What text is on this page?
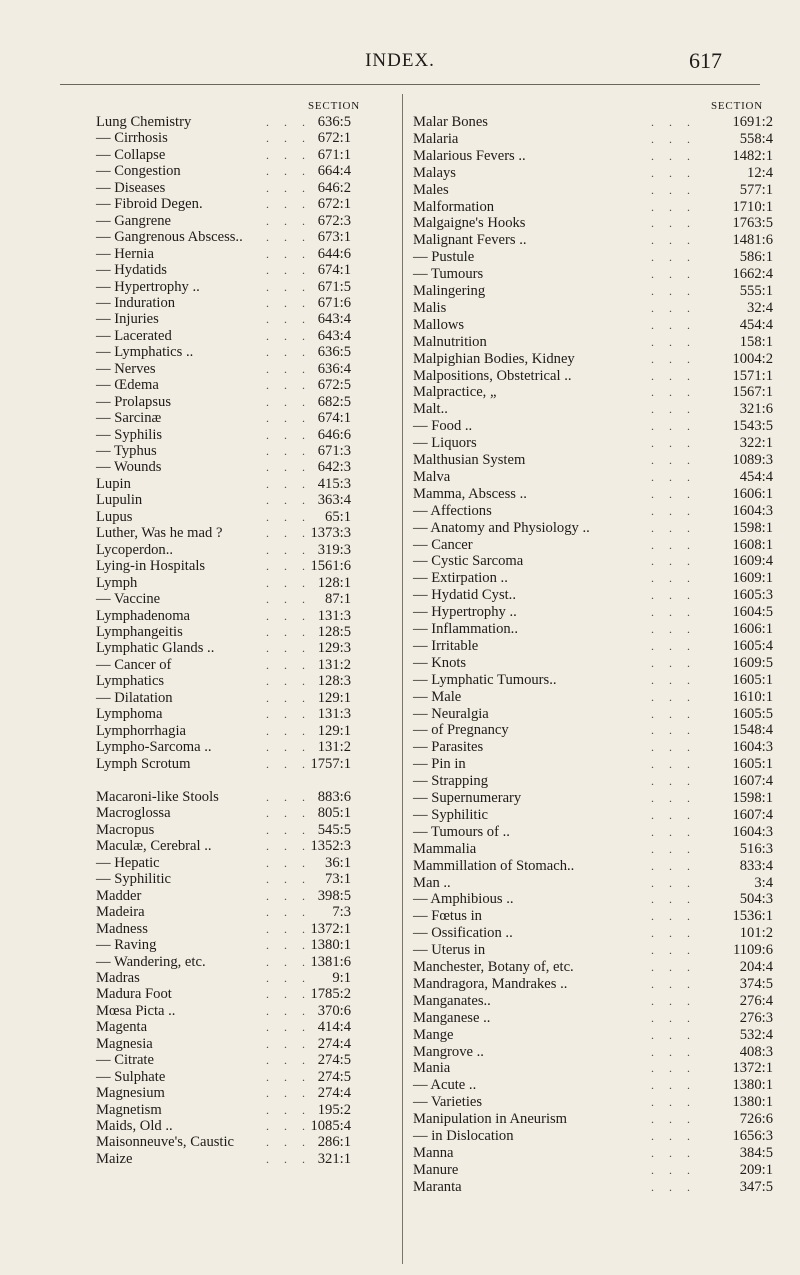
INDEX.	617
SECTION
Lung Chemistry	. . . 636:5
— Cirrhosis	. . . 672:1
— Collapse	. . . 671:1
— Congestion	. . . 664:4
— Diseases	. . . 646:2
— Fibroid Degen.	. . . 672:1
— Gangrene	. . . 672:3
— Gangrenous Abscess.. . . . 673:1
— Hernia	. . . 644:6
— Hydatids	. . . 674:1
— Hypertrophy ..	. . . 671:5
— Induration	. . . 671:6
— Injuries	. . . 643:4
— Lacerated	. . . 643:4
— Lymphatics ..	. . . 636:5
— Nerves	. . . 636:4
— Œdema	. . . 672:5
— Prolapsus	. . . 682:5
— Sarcinæ	. . . 674:1
— Syphilis	. . . 646:6
— Typhus	. . . 671:3
— Wounds	. . . 642:3
Lupin	. . . 415:3
Lupulin	. . . 363:4
Lupus	. . . 65:1
Luther, Was he mad ?	. . . 1373:3
Lycoperdon..	. . . 319:3
Lying-in Hospitals	. . . 1561:6
Lymph	. . . 128:1
— Vaccine	. . . 87:1
Lymphadenoma	. . . 131:3
Lymphangeitis	. . . 128:5
Lymphatic Glands ..	. . . 129:3
— Cancer of	. . . 131:2
Lymphatics	. . . 128:3
— Dilatation	. . . 129:1
Lymphoma	. . . 131:3
Lymphorrhagia	. . . 129:1
Lympho-Sarcoma ..	. . . 131:2
Lymph Scrotum	. . . 1757:1
Macaroni-like Stools	. . . 883:6
Macroglossa	. . . 805:1
Macropus	. . . 545:5
Maculæ, Cerebral ..	. . . 1352:3
— Hepatic	. . . 36:1
— Syphilitic	. . . 73:1
Madder	. . . 398:5
Madeira	. . . 7:3
Madness	. . . 1372:1
— Raving	. . . 1380:1
— Wandering, etc.	. . . 1381:6
Madras	. . . 9:1
Madura Foot	. . . 1785:2
Mœsa Picta ..	. . . 370:6
Magenta	. . . 414:4
Magnesia	. . . 274:4
— Citrate	. . . 274:5
— Sulphate	. . . 274:5
Magnesium	. . . 274:4
Magnetism	. . . 195:2
Maids, Old ..	. . . 1085:4
Maisonneuve's, Caustic	. . . 286:1
Maize	. . . 321:1
SECTION
Malar Bones	. . . 1691:2
Malaria	. . .	558:4
Malarious Fevers ..	. . . 1482:1
Malays	. . .	12:4
Males	. . .	577:1
Malformation	. . . 1710:1
Malgaigne's Hooks	. . . 1763:5
Malignant Fevers ..	. . . 1481:6
— Pustule	. . .	586:1
— Tumours	. . . 1662:4
Malingering	. . .	555:1
Malis	. . .	32:4
Mallows	. . .	454:4
Malnutrition	. . .	158:1
Malpighian Bodies, Kidney	. . . 1004:2
Malpositions, Obstetrical ..	. . . 1571:1
Malpractice, „	. . . 1567:1
Malt..	. . .	321:6
— Food ..	. . . 1543:5
— Liquors	. . .	322:1
Malthusian System	. . . 1089:3
Malva	. . .	454:4
Mamma, Abscess ..	. . . 1606:1
— Affections	. . . 1604:3
— Anatomy and Physiology ..	. . . 1598:1
— Cancer	. . . 1608:1
— Cystic Sarcoma	. . . 1609:4
— Extirpation ..	. . . 1609:1
— Hydatid Cyst..	. . . 1605:3
— Hypertrophy ..	. . . 1604:5
— Inflammation..	. . . 1606:1
— Irritable	. . . 1605:4
— Knots	. . . 1609:5
— Lymphatic Tumours..	. . . 1605:1
— Male	. . . 1610:1
— Neuralgia	. . . 1605:5
— of Pregnancy	. . . 1548:4
— Parasites	. . . 1604:3
— Pin in	. . . 1605:1
— Strapping	. . . 1607:4
— Supernumerary	. . . 1598:1
— Syphilitic	. . . 1607:4
— Tumours of ..	. . . 1604:3
Mammalia	. . .	516:3
Mammillation of Stomach..	. . .	833:4
Man ..	. . .	3:4
— Amphibious ..	. . .	504:3
— Fœtus in	. . . 1536:1
— Ossification ..	. . .	101:2
— Uterus in	. . .	1109:6
Manchester, Botany of, etc.	. . .	204:4
Mandragora, Mandrakes ..	. . .	374:5
Manganates..	. . .	276:4
Manganese ..	. . .	276:3
Mange	. . .	532:4
Mangrove ..	. . .	408:3
Mania	. . . 1372:1
— Acute ..	. . . 1380:1
— Varieties	. . . 1380:1
Manipulation in Aneurism	. . .	726:6
— in Dislocation	. . . 1656:3
Manna	. . .	384:5
Manure	. . .	209:1
Maranta	. . .	347:5
